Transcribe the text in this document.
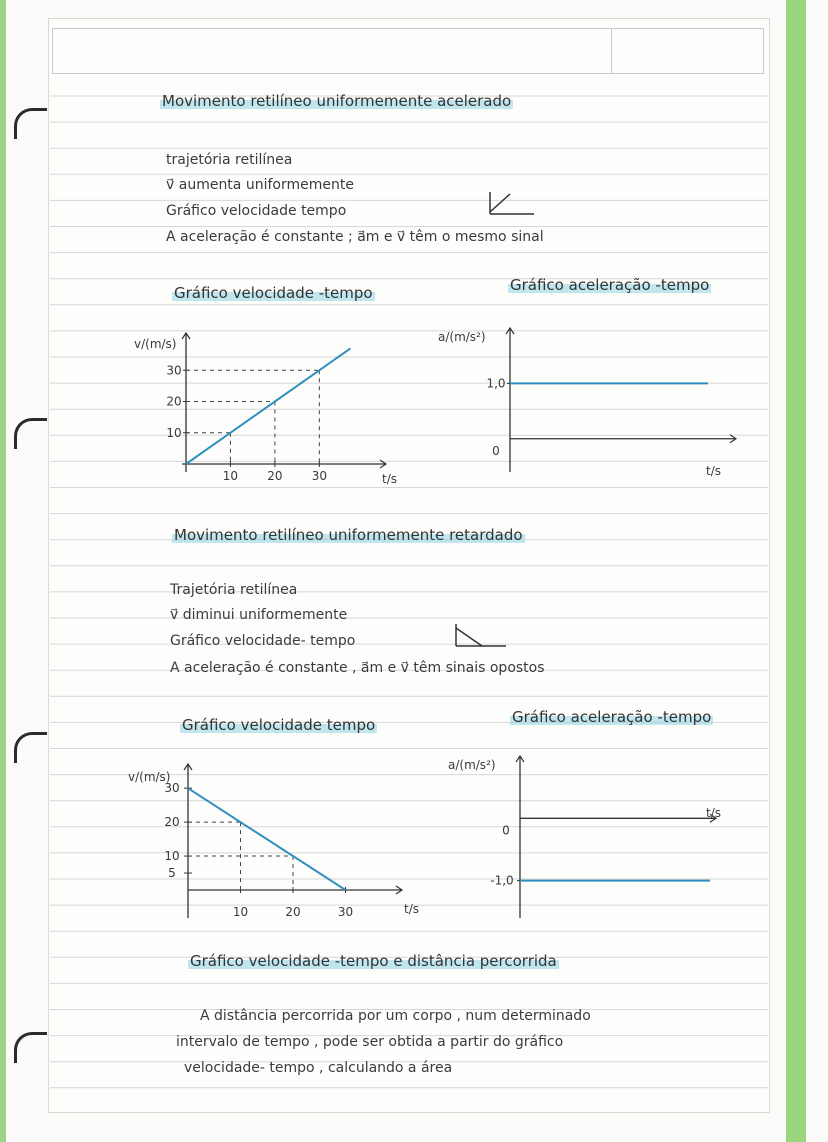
Movimento retilíneo uniformemente acelerado
trajetória retilínea
v⃗ aumenta uniformemente
Gráfico velocidade tempo
A aceleração é constante ; a⃗m e v⃗ têm o mesmo sinal
Gráfico velocidade -tempo	Gráfico aceleração -tempo
v/(m/s)
t/s
10 20 30
10
20
30
a/(m/s²)
t/s
0
1,0
Movimento retilíneo uniformemente retardado
Trajetória retilínea
v⃗ diminui uniformemente
Gráfico velocidade- tempo
A aceleração é constante , a⃗m e v⃗ têm sinais opostos
Gráfico velocidade tempo	Gráfico aceleração -tempo
v/(m/s)
t/s
10	20	30
30
20
10
5
a/(m/s²)
t/s
0
-1,0
Gráfico velocidade -tempo e distância percorrida
A distância percorrida por um corpo , num determinado
intervalo de tempo , pode ser obtida a partir do gráfico
velocidade- tempo , calculando a área
